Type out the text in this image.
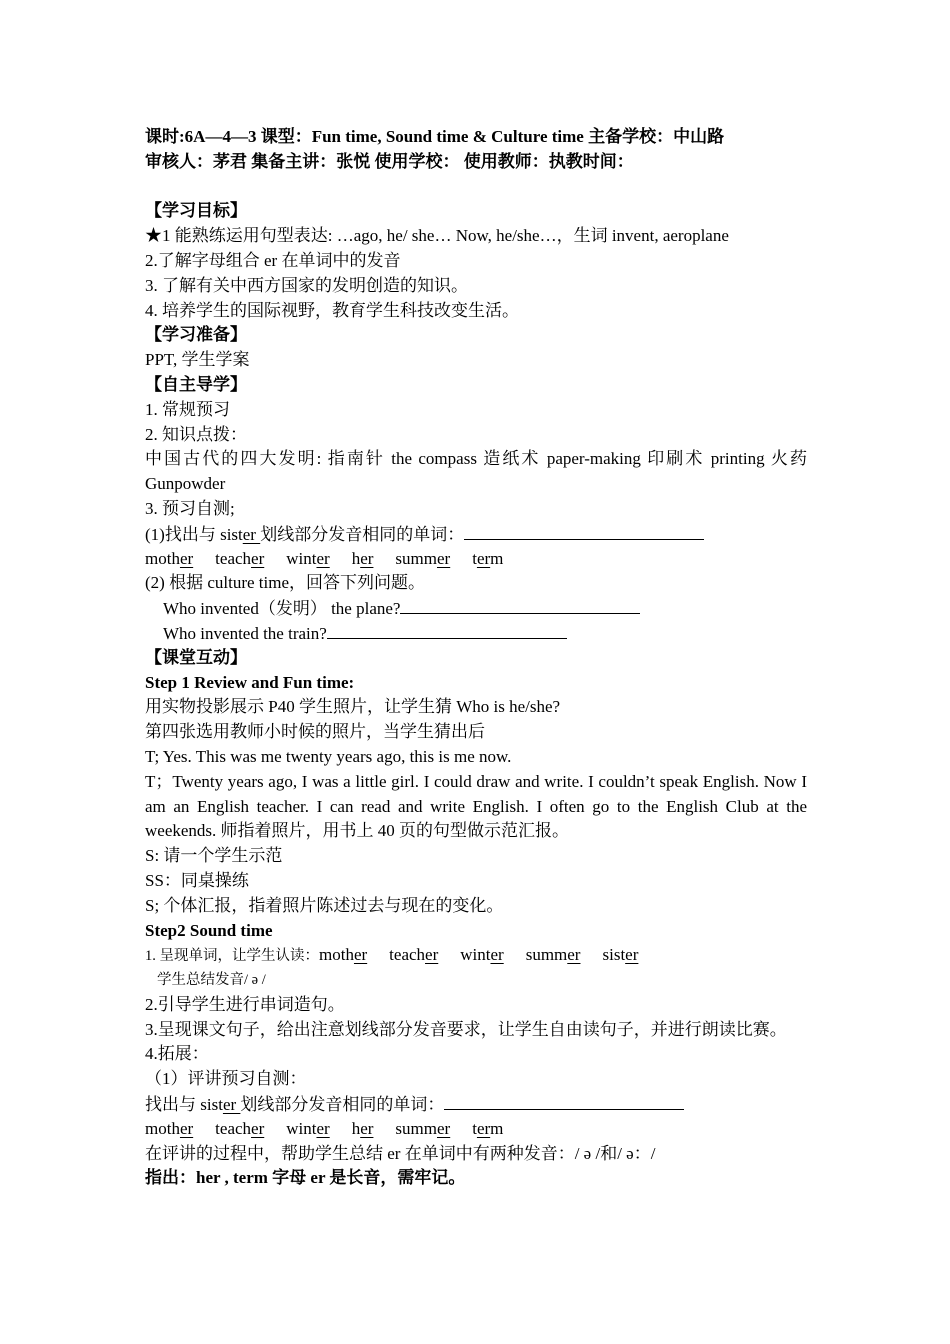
课时:6A—4—3 课型：Fun time, Sound time & Culture time 主备学校：中山路
审核人：茅君 集备主讲：张悦 使用学校： 使用教师：执教时间：
【学习目标】
★1 能熟练运用句型表达: …ago, he/ she… Now, he/she…，生词 invent, aeroplane
2.了解字母组合 er 在单词中的发音
3. 了解有关中西方国家的发明创造的知识。
4. 培养学生的国际视野，教育学生科技改变生活。
【学习准备】
PPT, 学生学案
【自主导学】
1. 常规预习
2. 知识点拨：
中国古代的四大发明: 指南针 the compass 造纸术 paper-making 印刷术 printing 火药 Gunpowder
3. 预习自测;
(1)找出与 sister 划线部分发音相同的单词：
mother teacher winter her summer term
(2) 根据 culture time，回答下列问题。
Who invented（发明） the plane?
Who invented the train?
【课堂互动】
Step 1 Review and Fun time:
用实物投影展示 P40 学生照片，让学生猜 Who is he/she?
第四张选用教师小时候的照片，当学生猜出后
T; Yes. This was me twenty years ago, this is me now.
T；Twenty years ago, I was a little girl. I could draw and write. I couldn’t speak English. Now I am an English teacher. I can read and write English. I often go to the English Club at the weekends. 师指着照片，用书上 40 页的句型做示范汇报。
S: 请一个学生示范
SS：同桌操练
S; 个体汇报，指着照片陈述过去与现在的变化。
Step2 Sound time
1. 呈现单词，让学生认读：mother teacher winter summer sister
学生总结发音/ ə /
2.引导学生进行串词造句。
3.呈现课文句子，给出注意划线部分发音要求，让学生自由读句子，并进行朗读比赛。
4.拓展：
（1）评讲预习自测：
找出与 sister 划线部分发音相同的单词：
mother teacher winter her summer term
在评讲的过程中，帮助学生总结 er 在单词中有两种发音：/ ə /和/ ə：/
指出：her , term 字母 er 是长音，需牢记。
